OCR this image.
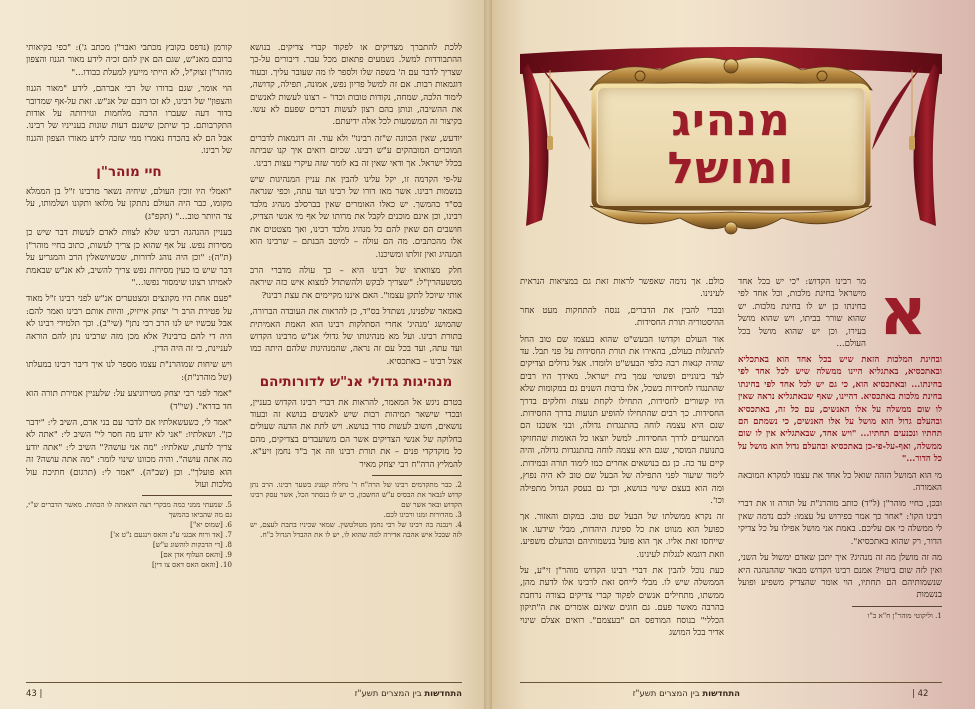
קורמן (נדפס בקובץ מכתבי ואבר"ן מכתב ג'): "כפי בקיאותי ברובם מאנ"ש, שגם הם אין להם זכיה לידע מאור הגנוז והצפון מוהר"ן זצוק"ל, לא הייתי מייעץ למעלת כבודו..."

הוי אומר, שגם בדורו של רבי אברהם, לידע "מאור הגנוז והצפון" של רבינו, לא זכו רובם של אנ"ש. זאת על-אף שמדובר בדור דעה שעברו הרבה מלחמות וגזירותה על אודות התקרבותם. כך שיתכן שישנם דעות שונות בענייניו של רבינו. אבל הם לא בהכרח נאמרו ממי שזכה לידע מאורו הצפון והגנוז של רבינו.

חיי מוהר"ן

"ואמלי היו זוכין העולם, שיחיה נשאר מרבינו ז"ל בן הממלא מקומו, כבר היה העולם נתתקן על מלואו ותקונו ושלמותו, על צד היותר טוב..." (תקפ"ג)

בעניין ההנהגה רבינו שלא לצוות לאדם לעשות דבר שיש כן מסירות נפש. על אף שהוא כן צריך לעשות, כתוב בחיי מוהר"ן (ת"ה): "וכן היה נוהג לדורות, שכשיושאלין הרב והמגריע על דבר שיש בו כעין מסירות נפש צריך להשיב, לא אנ"ש שבאמת לאמיתו רצונו שימסור נפשו..."

"פעם אחת היו מקונצים ומצטערים אנ"ש לפני רבינו ז"ל מאוד על פטירת הרב ר' יצחק אייזיק, והיות אותם רבינו ואמר להם: אבל עכשיו יש לנו הרב רבי נתן" (שי"ב). וכך תלמידי רבינו לא היה די להם ברבינו? אלא מכן מזה שרבינו נתן להם הוראה לעניינת, כי זה היה הדין.

ויש שיחות שמוהרנ"ת עצמו מספר לנו איך דיבר רבינו במעלתו (של מוהרנ"ת):

"אמר לפני רבי יצחק מטירוניצע על: שלעניין אמירת תורה הוא חד בדרא". (שי"ד)

"אמר לי, כשעשאלתיו אם לדבר עם בני אדם, השיב לי: "ידבר כן". ושאלתיו: "אני לא יודע מה חסר לי" השיב לי: "אתה לא צריך לדעת, שאלתיו: "מה אני עושה?" השיב לי: "אתה יודע מה אתה עושה". והיה מכוונו שינוי לומר: "מה אתה עושה? זה הוא פועלך". וכן (שב"ה). "אמר לי: (תרגום) חתיכת עול מלכות ועול

5. שמעתי ממני כמה מבקרי רצה הוצאתה לו הכהות. מאשר הדברים ש"י, גם מה שהביאו בהמשך
6. [שמוס יא"]
7. [אד ורוח אבגני ע"נ והאס וינגעם נ"ט א']
8. [די הדבקות לוהשוג ע"ש]
9. [והאס העלוף אדן אם]
10. [והאס האס דאס צו דין]

ללכת להתברך מצדיקים או לפקוד קברי צדיקים. בנושא ההתבודדות למשל. נשמעים פתאום מכל עבר. דיבורים על-כך שצריך לדבר עם ה' בשפה שלו ולספר לו מה שעובר עליך. ובעוד דוגמאות רבות. אם זה למשל פדיון נפש, אמונה, תפילה, קדושה, לימוד הלכה, שמחה, נקודות טובות וכדו' – רצונו לעשות לאנשים את ההשיבה, ונותן בהם רצון לעשות דברים שפעם לא עשו. בקיצור זה המשמעות לכל אלה ידיעתם.

יודעש, שאין הכוונה ש"זה רבינו" ולא עוד. זה דוגמאות לדברים המוכרים המובהקים ע"ש רבינו. שכיום רואים איך קנו שביתה בכלל ישראל. אך ודאי שאין זה בא לומר שזה עיקרי עצות רבינו.

על-פי הקדמה זו, יקל עלינו להבין את עניין המנהיגות שיש בנשמות רבינו. אשר מאז דורו של רבינו ועד עתה, וכפי שנראה בס"ד בהמשך. יש כאלו האומרים שאין בברסלב מנהיג מלבד רבינו, וכן אינם מוכנים לקבל את מרותו של אף מי אנשי הצדיק, חושבים הם שאין להם כל מנהיג מלבד רבינו, ואך מצטטים את אלו מהכתבים. מה הם עולה – למיטב הבנתם – שרבינו הוא המנהיג ואין זולתו ומשיכנו.

חלק מצוואתו של רבינו היא – כך עולה מדברי הרב מטשעהרין"ל: "שצריך לבקש ולהשתדל למצוא איש כזה שיראה אותי שיוכל לתקן עצמו". האם איננו מקיימים את עצת רבינו?

באמאר שלפנינו, נשתדל בס"ד, כן להראות את העובדה הברורה, שהמושג 'מנהיג' אחרי הסתלקות רבינו הוא האמת האמיתית בתורת רבינו. ועל מא מנהיגותו של גדולי אנ"ש מרבינו הקדוש ועד עתה, ועד בכל עם זה נראה, שהמנהיגות שלהם היתה כמו אצל רבינו – באתכסיא.

מנהיגות גדולי אנ"ש לדורותיהם

בטרם ניגש אל המאמר, להראות את דברי רבינו הקדוש בעניין, ובכדי שישאר תמיהות רבות שיש לאנשים בנושא זה ובעוד נושאים, חשוב לעשות סדר בנושא. ויש לתת את הדעה שעולים בחלוקה של אנשי הצדיקים אשר הם משועבדים בצדיקים, מהם כל מוקדקדי פנים – את תורת רבינו וזה אך ב"ד נחמן זיע"א. להמליץ הרה"ח רבי יצחק מאיר

2. כבר מתקדמים רבינו של הרה"ח ר' נחליה קעניג בשער רבינו. הרב נתן קדוש לנבאר את הבסיס ע"ש החשבון, כי יש לו בנסתר הכל, אשר עסק רבינו הקדוש ובאר אשר שם
3. מהדורות זמנו ורבינו לכם.
4. וינבנה בה רבינו של רבי נחמן מטולטשין. שמאי שכיניו בתבת לעצם, יש לזה שבכל איש אהבה אדירה למה שהוא לו, יש לו את ההבדל הגדול כ"ח.
| 43	התחדשות בין המצרים תשע"ז
מנהיג
ומושל
א

מר רבינו הקדוש: "כי יש בכל אחד מישראל בחינת מלכות, וכל אחד לפי בחינתו כן יש לו בחינת מלכות. יש שהוא שורר בביתו, ויש שהוא מושל בעירו, וכן יש שהוא מושל בכל העולם...

ובחינת המלכות הזאת שיש בכל אחד הוא באתכליא ובאתכסיא, באתגליא היינו ממשלה שיש לכל אחד לפי בחינתו... ובאתכסיא הוא, כי גם יש לכל אחד לפי בחינתו בחינת מלכות באתכסיא. דהיינו, שאף שבאתגליא נראה שאין לו שום ממשלה על אלו האנשים, עם כל זה, באתכסיא ובהעלם גדול הוא מושל על אלו האנשים, כי נשמתם הם תחתיו ונכנעים תחתיו... "ויש אחד, שבאתגליא אין לו שום ממשלה, ואף-על-פי-כן באתכסיא ובהעלם גדול הוא מושל על כל הדור..."

מי הוא המושל הזהה שואל כל אחד את עצמו למקרא המובאה האמורה.

ובכן, בחיי מוהר"ן (ל"ד) כותב מוהרנ"ת על תורה זו את דברי רבינו הקו': "אחר כך אמר בפירוש על עצמו: לכם נדמה שאין לי ממשלה כי אם עליכם. באמת אני מושל אפילו על כל צדיקי הדור, רק שהוא באתכסיא".

מה זה מושלן מה זה מנהיג? איך יתכן שאדם ימשול על השני, ואין לזה שום ביטוי? אמנם רבינו הקדוש מבאר שההנהגה היא שנשמותיהם הם תחתיו, הוי אומר שהצדיק משפיע ופועל בנשמות

1. וליקוטי מוהר"ן ח"א ב"ו

כולם. אך נדמה שאפשר לראות זאת גם במציאות הנראית לעינינו.

ובכדי להבין את הדברים, ננסה להתחקות מעט אחר ההיסטוריה תורת החסידות.

אור העולם וקדושו הבעש"ט שהוא בעצמו שם טוב החל להתגלות בעולם, בהאירו את תורת החסידות על פני תבל. עד שהיה קנאות רבה כלפי הבעש"ט ולומדו. אצל גדולים וצדיקים לצד בינוניים ופשוטי עמך בית ישראל. מאידך היו רבים שהתנגדו לחסידות בשכל, אלו ברבות השנים גם במקומות שלא היו קשורים לחסידות, התחילו לקחת עצות וחלקים בדרך החסידות. כך רבים שהתחילו להופיע תנועות בדרך החסידות. שנם היא עצמה לוחה בהתנגדות גדולה, ובני אשכנז הם המתנגדים לדרך החסידות. למשל יוצאו כל האומות שהחזיקו בתנועת המוסר, שגם היא עצמה לוחה בהתנגדות גדולה, והיה קיים עד כה. כן גם בנושאים אחרים כמו לימוד תורה ובמידות. לימוד שיעור לפני התפילה של הבעל שם טוב לא היה נפוץ, ומה הוא בעצם שינוי בנושא, וכך גם בעסק הגדול מתפילה וכו'.

זה נקרא ממשלתו של הבעל שם טוב. במקום והאזור. אך כפועל הוא מנווט את כל ספינת היהדות, מבלי שידעו. או שייחסו זאת אליו. אך הוא פועל בנשמותיהם ובהעלם משפיע. וזאת דוגמא לנגלות לעינינו.

כעת נוכל להבין את דברי רבינו הקדוש מוהר"ן זי"ע, על הממשלה שיש לו. מבלי לייחס זאת לרבינו אלו לדעת מהן, ממשתו, מתחילים אנשים לפקוד קברי צדיקים בצורה נרחבת בהרבה מאשר פעם. גם חוגים שאינם אומרים את ה"תיקון הכללי" בנוסח המודפס הם "בעצמם". רואים אצלם שינוי אדיר בכל המושג

התחדשות בין המצרים תשע"ז	42 |
